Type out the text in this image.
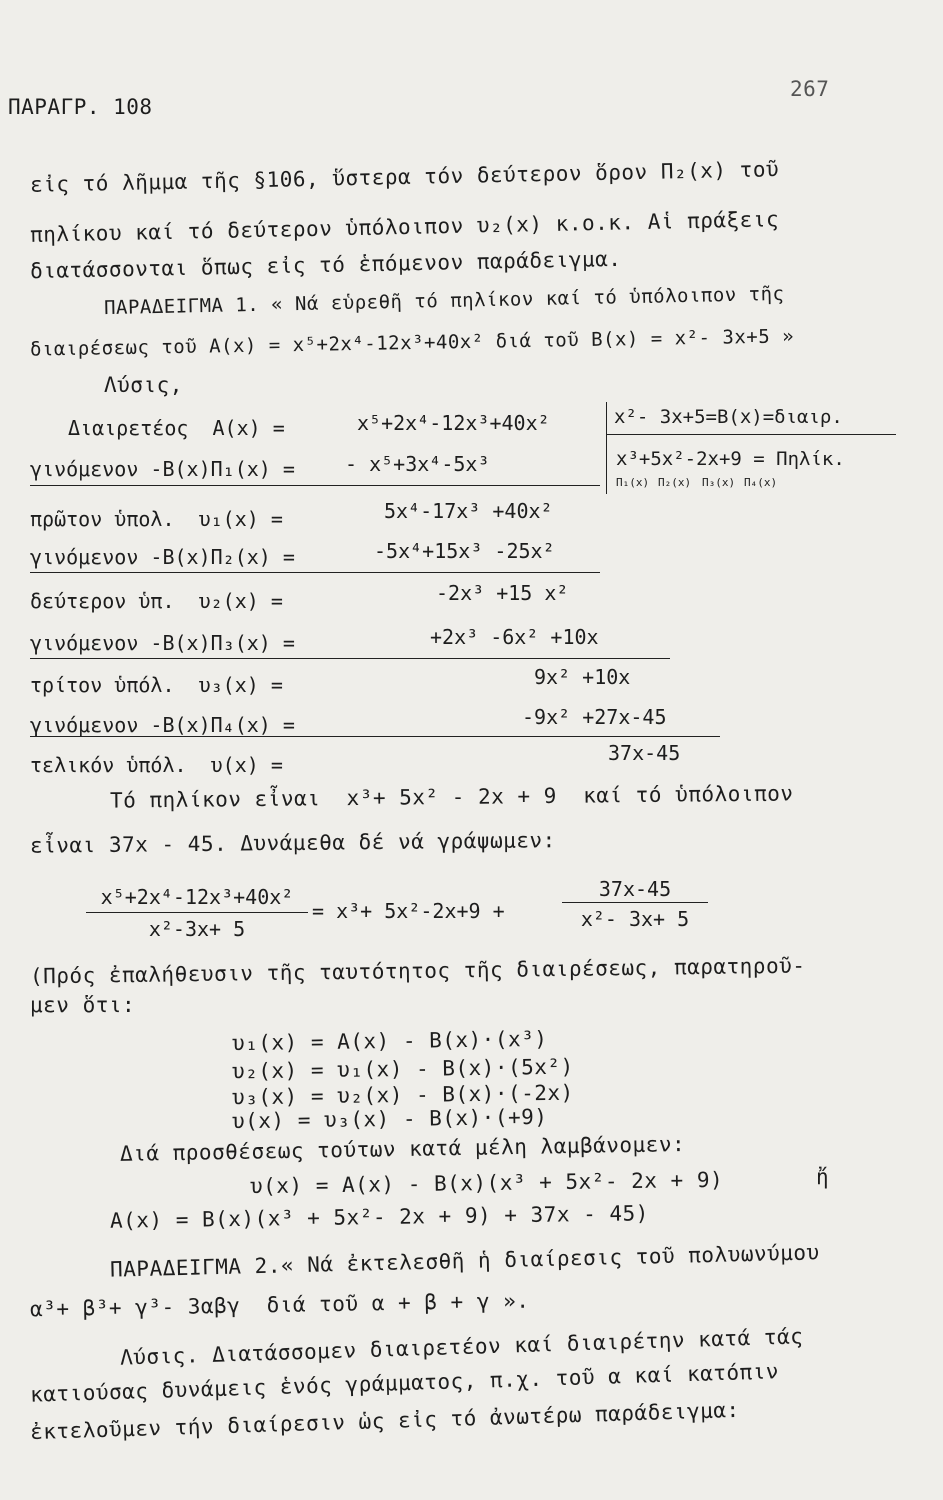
ΠΑΡΑΓΡ. 108
267
εἰς τό λῆμμα τῆς §106, ὕστερα τόν δεύτερον ὅρον Π₂(x) τοῦ
πηλίκου καί τό δεύτερον ὑπόλοιπον υ₂(x) κ.ο.κ. Αἱ πράξεις
διατάσσονται ὅπως εἰς τό ἑπόμενον παράδειγμα.
ΠΑΡΑΔΕΙΓΜΑ 1. « Νά εὑρεθῆ τό πηλίκον καί τό ὑπόλοιπον τῆς
διαιρέσεως τοῦ A(x) = x⁵+2x⁴-12x³+40x² διά τοῦ B(x) = x²- 3x+5 »
Λύσις,
Διαιρετέος  A(x) =	x⁵+2x⁴-12x³+40x²
γινόμενον -B(x)Π₁(x) =	- x⁵+3x⁴-5x³
πρῶτον ὑπολ.  υ₁(x) =	5x⁴-17x³ +40x²
γινόμενον -B(x)Π₂(x) =	-5x⁴+15x³ -25x²
δεύτερον ὑπ.  υ₂(x) =	-2x³ +15 x²
γινόμενον -B(x)Π₃(x) =	+2x³ -6x² +10x
τρίτον ὑπόλ.  υ₃(x) =	9x² +10x
γινόμενον -B(x)Π₄(x) =	-9x² +27x-45
τελικόν ὑπόλ.  υ(x) =	37x-45
x²- 3x+5=B(x)=διαιρ.
x³+5x²-2x+9 = Πηλίκ.
Π₁(x) Π₂(x) Π₃(x) Π₄(x)
Τό πηλίκον εἶναι  x³+ 5x² - 2x + 9  καί τό ὑπόλοιπον
εἶναι 37x - 45. Δυνάμεθα δέ νά γράψωμεν:
x⁵+2x⁴-12x³+40x²
x²-3x+ 5
= x³+ 5x²-2x+9 +
37x-45
x²- 3x+ 5
(Πρός ἐπαλήθευσιν τῆς ταυτότητος τῆς διαιρέσεως, παρατηροῦ-
μεν ὅτι:
υ₁(x) = A(x) - B(x)·(x³)
υ₂(x) = υ₁(x) - B(x)·(5x²)
υ₃(x) = υ₂(x) - B(x)·(-2x)
υ(x) = υ₃(x) - B(x)·(+9)
Διά προσθέσεως τούτων κατά μέλη λαμβάνομεν:
υ(x) = A(x) - B(x)(x³ + 5x²- 2x + 9)	ἤ
A(x) = B(x)(x³ + 5x²- 2x + 9) + 37x - 45)
ΠΑΡΑΔΕΙΓΜΑ 2.« Νά ἐκτελεσθῆ ἡ διαίρεσις τοῦ πολυωνύμου
α³+ β³+ γ³- 3αβγ  διά τοῦ α + β + γ ».
Λύσις. Διατάσσομεν διαιρετέον καί διαιρέτην κατά τάς
κατιούσας δυνάμεις ἑνός γράμματος, π.χ. τοῦ α καί κατόπιν
ἐκτελοῦμεν τήν διαίρεσιν ὡς εἰς τό ἀνωτέρω παράδειγμα:
